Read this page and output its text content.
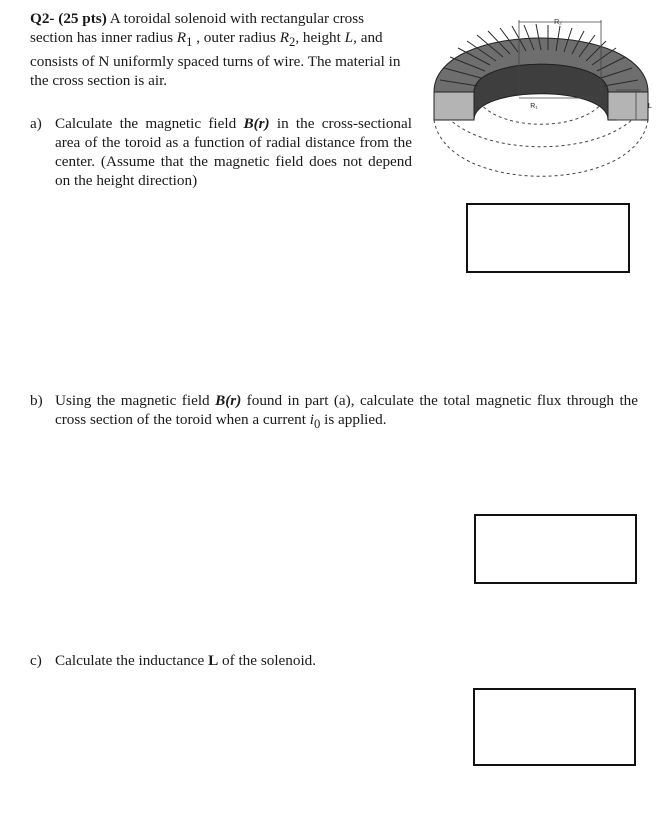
Q2- (25 pts) A toroidal solenoid with rectangular cross section has inner radius $R_1$ , outer radius $R_2$, height L, and consists of N uniformly spaced turns of wire. The material in the cross section is air.
R₂
R₁	L
a) Calculate the magnetic field B(r) in the cross-sectional area of the toroid as a function of radial distance from the center. (Assume that the magnetic field does not depend on the height direction)
b) Using the magnetic field B(r) found in part (a), calculate the total magnetic flux through the cross section of the toroid when a current $i_0$ is applied.
c) Calculate the inductance L of the solenoid.
